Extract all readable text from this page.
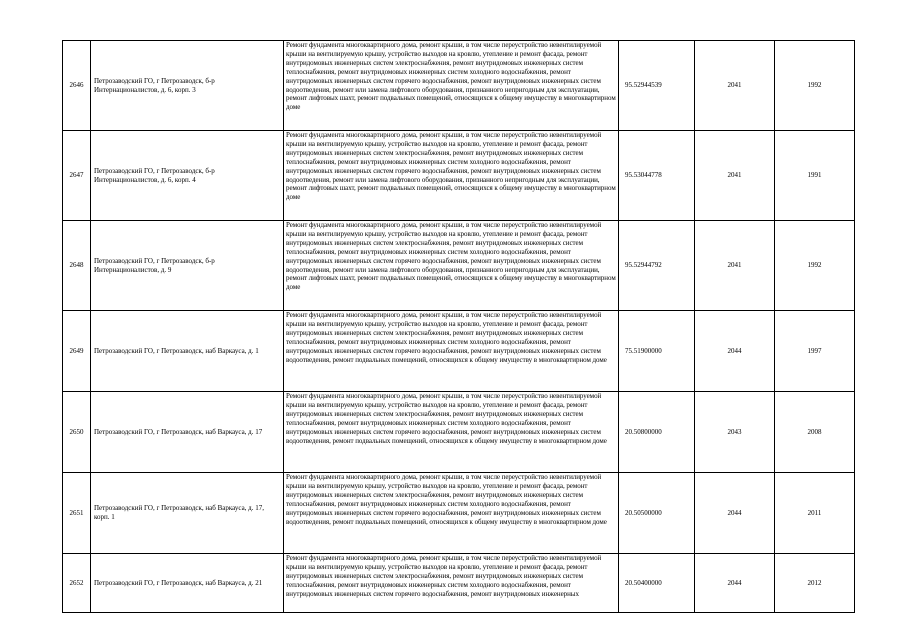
2646	Петрозаводский ГО, г Петрозаводск, б-р Интернационалистов, д. 6, корп. 3	Ремонт фундамента многоквартирного дома, ремонт крыши, в том числе переустройство невентилируемой крыши на вентилируемую крышу, устройство выходов на кровлю, утепление и ремонт фасада, ремонт внутридомовых инженерных систем электроснабжения, ремонт внутридомовых инженерных систем теплоснабжения, ремонт внутридомовых инженерных систем холодного водоснабжения, ремонт внутридомовых инженерных систем горячего водоснабжения, ремонт внутридомовых инженерных систем водоотведения, ремонт или замена лифтового оборудования, признанного непригодным для эксплуатации, ремонт лифтовых шахт, ремонт подвальных помещений, относящихся к общему имуществу в многоквартирном доме	95.52944539	2041	1992
2647	Петрозаводский ГО, г Петрозаводск, б-р Интернационалистов, д. 6, корп. 4	Ремонт фундамента многоквартирного дома, ремонт крыши, в том числе переустройство невентилируемой крыши на вентилируемую крышу, устройство выходов на кровлю, утепление и ремонт фасада, ремонт внутридомовых инженерных систем электроснабжения, ремонт внутридомовых инженерных систем теплоснабжения, ремонт внутридомовых инженерных систем холодного водоснабжения, ремонт внутридомовых инженерных систем горячего водоснабжения, ремонт внутридомовых инженерных систем водоотведения, ремонт или замена лифтового оборудования, признанного непригодным для эксплуатации, ремонт лифтовых шахт, ремонт подвальных помещений, относящихся к общему имуществу в многоквартирном доме	95.53044778	2041	1991
2648	Петрозаводский ГО, г Петрозаводск, б-р Интернационалистов, д. 9	Ремонт фундамента многоквартирного дома, ремонт крыши, в том числе переустройство невентилируемой крыши на вентилируемую крышу, устройство выходов на кровлю, утепление и ремонт фасада, ремонт внутридомовых инженерных систем электроснабжения, ремонт внутридомовых инженерных систем теплоснабжения, ремонт внутридомовых инженерных систем холодного водоснабжения, ремонт внутридомовых инженерных систем горячего водоснабжения, ремонт внутридомовых инженерных систем водоотведения, ремонт или замена лифтового оборудования, признанного непригодным для эксплуатации, ремонт лифтовых шахт, ремонт подвальных помещений, относящихся к общему имуществу в многоквартирном доме	95.52944792	2041	1992
2649	Петрозаводский ГО, г Петрозаводск, наб Варкауса, д. 1	Ремонт фундамента многоквартирного дома, ремонт крыши, в том числе переустройство невентилируемой крыши на вентилируемую крышу, устройство выходов на кровлю, утепление и ремонт фасада, ремонт внутридомовых инженерных систем электроснабжения, ремонт внутридомовых инженерных систем теплоснабжения, ремонт внутридомовых инженерных систем холодного водоснабжения, ремонт внутридомовых инженерных систем горячего водоснабжения, ремонт внутридомовых инженерных систем водоотведения, ремонт подвальных помещений, относящихся к общему имуществу в многоквартирном доме	75.51900000	2044	1997
2650	Петрозаводский ГО, г Петрозаводск, наб Варкауса, д. 17	Ремонт фундамента многоквартирного дома, ремонт крыши, в том числе переустройство невентилируемой крыши на вентилируемую крышу, устройство выходов на кровлю, утепление и ремонт фасада, ремонт внутридомовых инженерных систем электроснабжения, ремонт внутридомовых инженерных систем теплоснабжения, ремонт внутридомовых инженерных систем холодного водоснабжения, ремонт внутридомовых инженерных систем горячего водоснабжения, ремонт внутридомовых инженерных систем водоотведения, ремонт подвальных помещений, относящихся к общему имуществу в многоквартирном доме	20.50800000	2043	2008
2651	Петрозаводский ГО, г Петрозаводск, наб Варкауса, д. 17, корп. 1	Ремонт фундамента многоквартирного дома, ремонт крыши, в том числе переустройство невентилируемой крыши на вентилируемую крышу, устройство выходов на кровлю, утепление и ремонт фасада, ремонт внутридомовых инженерных систем электроснабжения, ремонт внутридомовых инженерных систем теплоснабжения, ремонт внутридомовых инженерных систем холодного водоснабжения, ремонт внутридомовых инженерных систем горячего водоснабжения, ремонт внутридомовых инженерных систем водоотведения, ремонт подвальных помещений, относящихся к общему имуществу в многоквартирном доме	20.50500000	2044	2011
2652	Петрозаводский ГО, г Петрозаводск, наб Варкауса, д. 21	Ремонт фундамента многоквартирного дома, ремонт крыши, в том числе переустройство невентилируемой крыши на вентилируемую крышу, устройство выходов на кровлю, утепление и ремонт фасада, ремонт внутридомовых инженерных систем электроснабжения, ремонт внутридомовых инженерных систем теплоснабжения, ремонт внутридомовых инженерных систем холодного водоснабжения, ремонт внутридомовых инженерных систем горячего водоснабжения, ремонт внутридомовых инженерных	20.50400000	2044	2012
